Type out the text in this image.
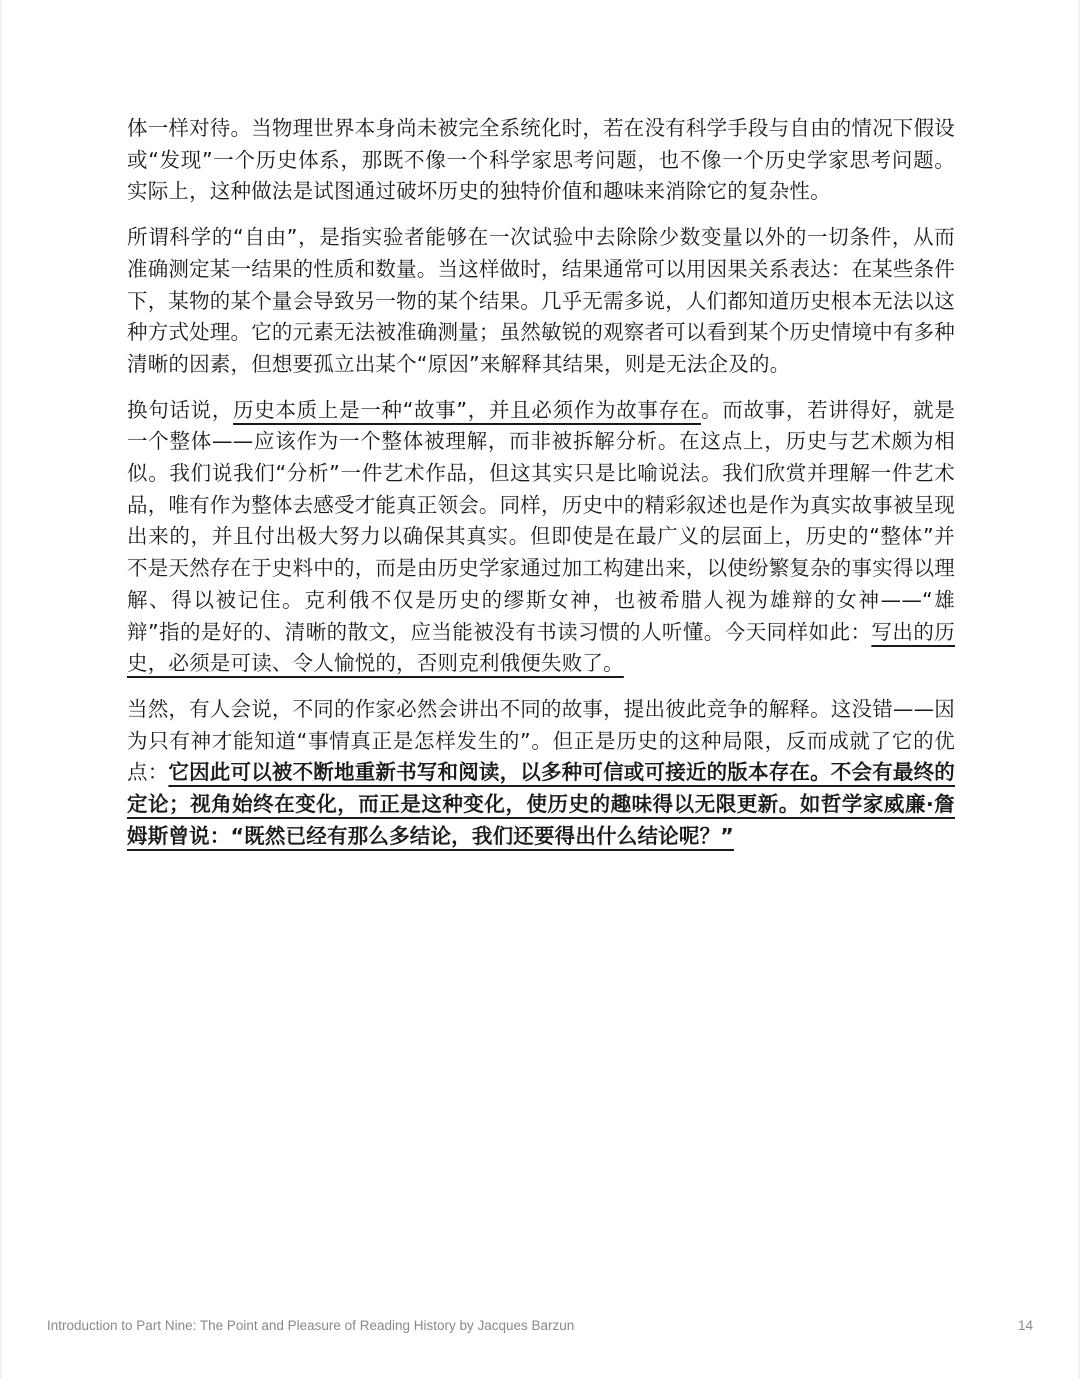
体一样对待。当物理世界本身尚未被完全系统化时，若在没有科学手段与自由的情况下假设或“发现”一个历史体系，那既不像一个科学家思考问题，也不像一个历史学家思考问题。实际上，这种做法是试图通过破坏历史的独特价值和趣味来消除它的复杂性。

所谓科学的“自由”，是指实验者能够在一次试验中去除除少数变量以外的一切条件，从而准确测定某一结果的性质和数量。当这样做时，结果通常可以用因果关系表达：在某些条件下，某物的某个量会导致另一物的某个结果。几乎无需多说，人们都知道历史根本无法以这种方式处理。它的元素无法被准确测量；虽然敏锐的观察者可以看到某个历史情境中有多种清晰的因素，但想要孤立出某个“原因”来解释其结果，则是无法企及的。

换句话说，历史本质上是一种“故事”，并且必须作为故事存在。而故事，若讲得好，就是一个整体——应该作为一个整体被理解，而非被拆解分析。在这点上，历史与艺术颇为相似。我们说我们“分析”一件艺术作品，但这其实只是比喻说法。我们欣赏并理解一件艺术品，唯有作为整体去感受才能真正领会。同样，历史中的精彩叙述也是作为真实故事被呈现出来的，并且付出极大努力以确保其真实。但即使是在最广义的层面上，历史的“整体”并不是天然存在于史料中的，而是由历史学家通过加工构建出来，以使纷繁复杂的事实得以理解、得以被记住。克利俄不仅是历史的缪斯女神，也被希腊人视为雄辩的女神——“雄辩”指的是好的、清晰的散文，应当能被没有书读习惯的人听懂。今天同样如此：写出的历史，必须是可读、令人愉悦的，否则克利俄便失败了。

当然，有人会说，不同的作家必然会讲出不同的故事，提出彼此竞争的解释。这没错——因为只有神才能知道“事情真正是怎样发生的”。但正是历史的这种局限，反而成就了它的优点：它因此可以被不断地重新书写和阅读，以多种可信或可接近的版本存在。不会有最终的定论；视角始终在变化，而正是这种变化，使历史的趣味得以无限更新。如哲学家威廉·詹姆斯曾说：“既然已经有那么多结论，我们还要得出什么结论呢？”

Introduction to Part Nine: The Point and Pleasure of Reading History by Jacques Barzun	14
